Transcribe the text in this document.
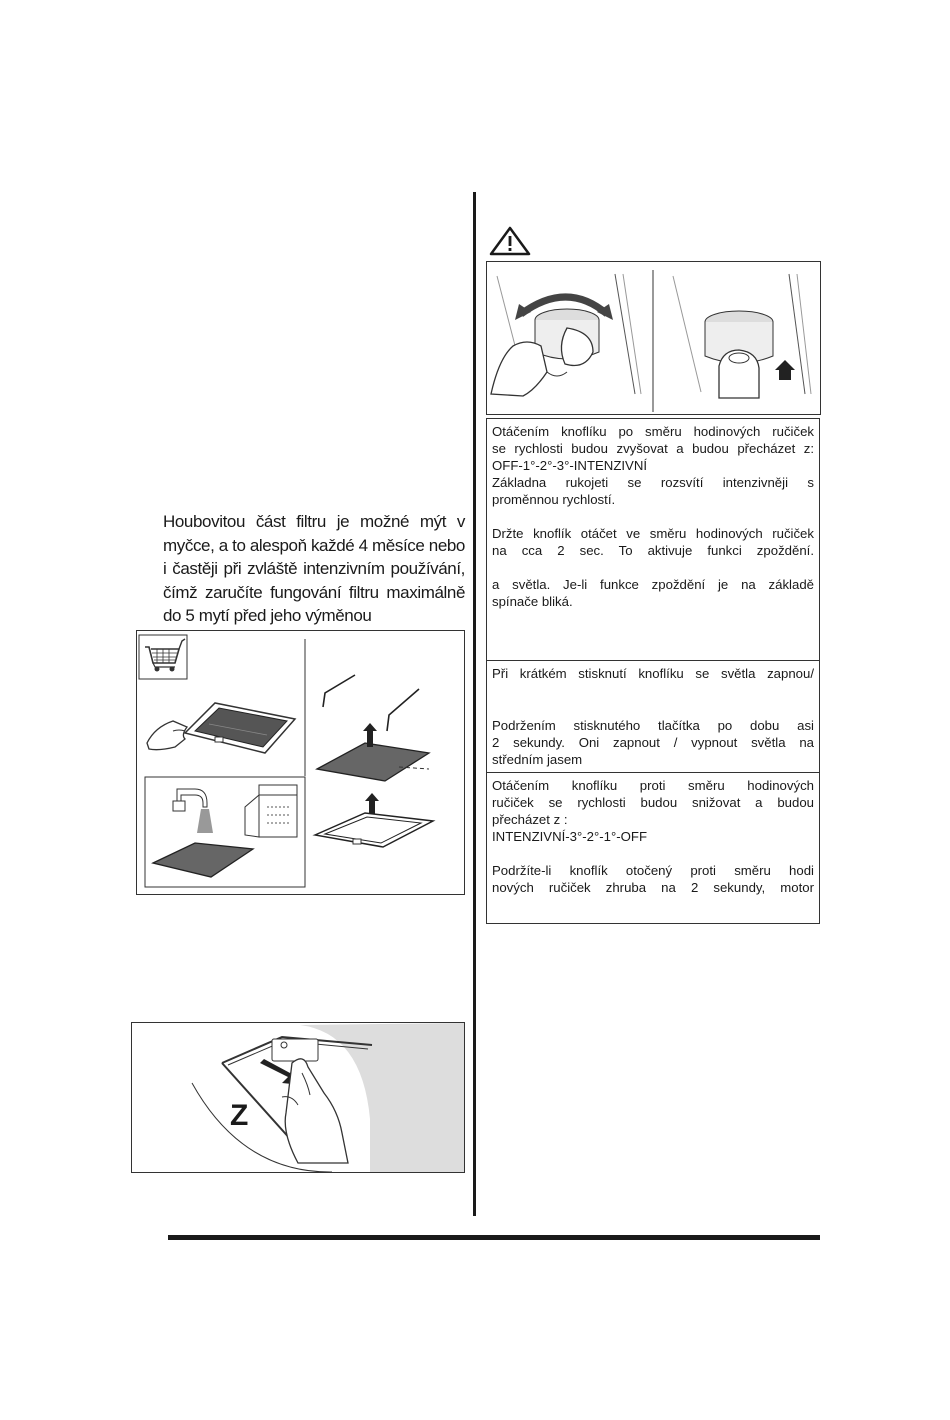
Houbovitou část filtru je možné mýt v myčce, a to alespoň každé 4 měsíce nebo i častěji při zvláště intenzivním používání, čímž zaručíte fungování filtru maximálně do 5 mytí před jeho výměnou
Z

Otáčením knoflíku po směru hodinových ručiček

se rychlosti budou zvyšovat a budou přecházet z:

OFF-1°-2°-3°-INTENZIVNÍ

Základna rukojeti se rozsvítí intenzivněji s

proměnnou rychlostí.

Držte knoflík otáčet ve směru hodinových ručiček

na cca 2 sec. To aktivuje funkci zpoždění.

a světla. Je-li funkce zpoždění je na základě

spínače bliká.

Při krátkém stisknutí knoflíku se světla zapnou/

Podržením stisknutého tlačítka po dobu asi

2 sekundy. Oni zapnout / vypnout světla na

středním jasem

Otáčením knoflíku proti směru hodinových

ručiček se rychlosti budou snižovat a budou

přecházet z :

INTENZIVNÍ-3°-2°-1°-OFF

Podržíte-li knoflík otočený proti směru hodi

nových ručiček zhruba na 2 sekundy, motor
